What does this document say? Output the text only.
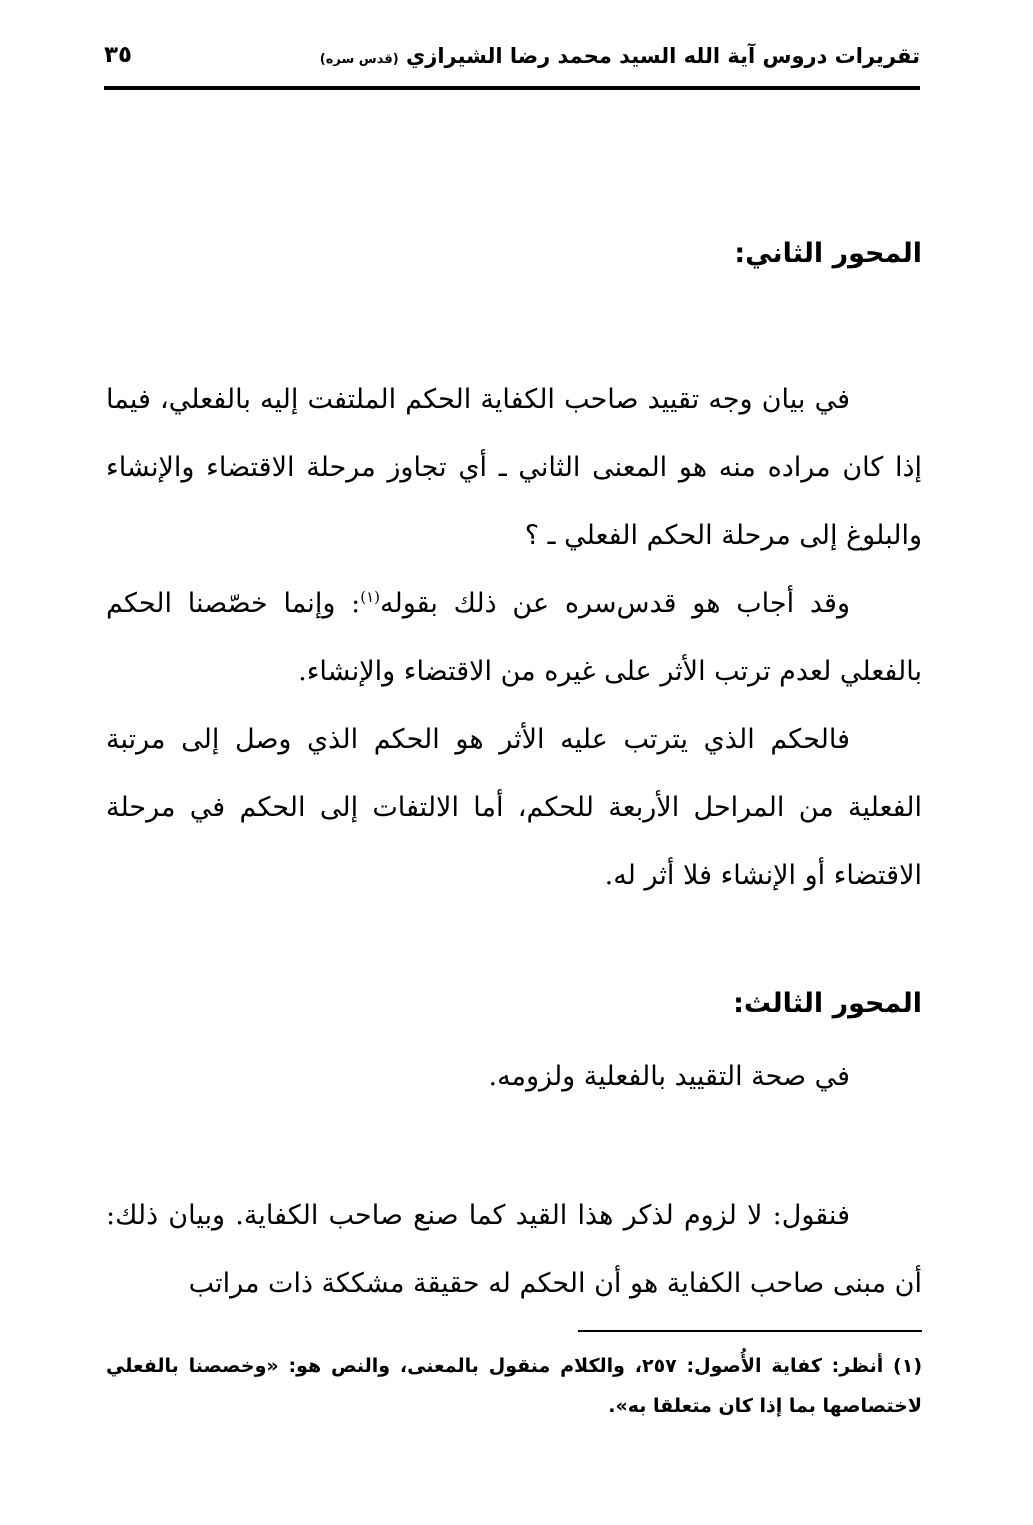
تقريرات دروس آية الله السيد محمد رضا الشيرازي (قدس سره)
٣٥
المحور الثاني:
في بيان وجه تقييد صاحب الكفاية الحكم الملتفت إليه بالفعلي، فيما إذا كان مراده منه هو المعنى الثاني ـ أي تجاوز مرحلة الاقتضاء والإنشاء والبلوغ إلى مرحلة الحكم الفعلي ـ ؟
وقد أجاب هو قدس‌سره عن ذلك بقوله$^{(١)}$: وإنما خصّصنا الحكم بالفعلي لعدم ترتب الأثر على غيره من الاقتضاء والإنشاء.
فالحكم الذي يترتب عليه الأثر هو الحكم الذي وصل إلى مرتبة الفعلية من المراحل الأربعة للحكم، أما الالتفات إلى الحكم في مرحلة الاقتضاء أو الإنشاء فلا أثر له.
المحور الثالث:
في صحة التقييد بالفعلية ولزومه.
فنقول: لا لزوم لذكر هذا القيد كما صنع صاحب الكفاية. وبيان ذلك: أن مبنى صاحب الكفاية هو أن الحكم له حقيقة مشككة ذات مراتب
(١) أنظر: كفاية الأُصول: ٢٥٧، والكلام منقول بالمعنى، والنص هو: «وخصصنا بالفعلي لاختصاصها بما إذا كان متعلقا به».
